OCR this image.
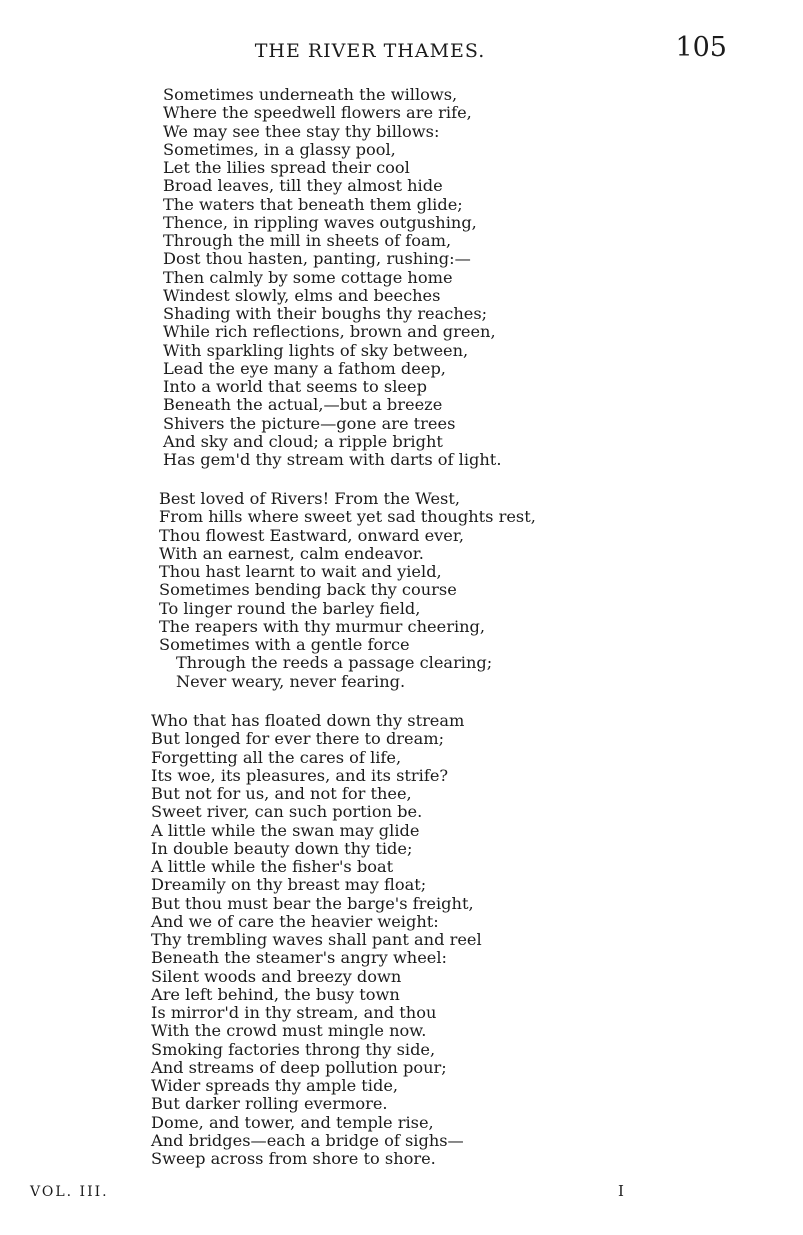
THE RIVER THAMES.	105
Sometimes underneath the willows,
Where the speedwell flowers are rife,
We may see thee stay thy billows:
Sometimes, in a glassy pool,
Let the lilies spread their cool
Broad leaves, till they almost hide
The waters that beneath them glide;
Thence, in rippling waves outgushing,
Through the mill in sheets of foam,
Dost thou hasten, panting, rushing:—
Then calmly by some cottage home
Windest slowly, elms and beeches
Shading with their boughs thy reaches;
While rich reflections, brown and green,
With sparkling lights of sky between,
Lead the eye many a fathom deep,
Into a world that seems to sleep
Beneath the actual,—but a breeze
Shivers the picture—gone are trees
And sky and cloud; a ripple bright
Has gem'd thy stream with darts of light.
Best loved of Rivers! From the West,
From hills where sweet yet sad thoughts rest,
Thou flowest Eastward, onward ever,
With an earnest, calm endeavor.
Thou hast learnt to wait and yield,
Sometimes bending back thy course
To linger round the barley field,
The reapers with thy murmur cheering,
Sometimes with a gentle force
Through the reeds a passage clearing;
Never weary, never fearing.
Who that has floated down thy stream
But longed for ever there to dream;
Forgetting all the cares of life,
Its woe, its pleasures, and its strife?
But not for us, and not for thee,
Sweet river, can such portion be.
A little while the swan may glide
In double beauty down thy tide;
A little while the fisher's boat
Dreamily on thy breast may float;
But thou must bear the barge's freight,
And we of care the heavier weight:
Thy trembling waves shall pant and reel
Beneath the steamer's angry wheel:
Silent woods and breezy down
Are left behind, the busy town
Is mirror'd in thy stream, and thou
With the crowd must mingle now.
Smoking factories throng thy side,
And streams of deep pollution pour;
Wider spreads thy ample tide,
But darker rolling evermore.
Dome, and tower, and temple rise,
And bridges—each a bridge of sighs—
Sweep across from shore to shore.
VOL. III.	I
